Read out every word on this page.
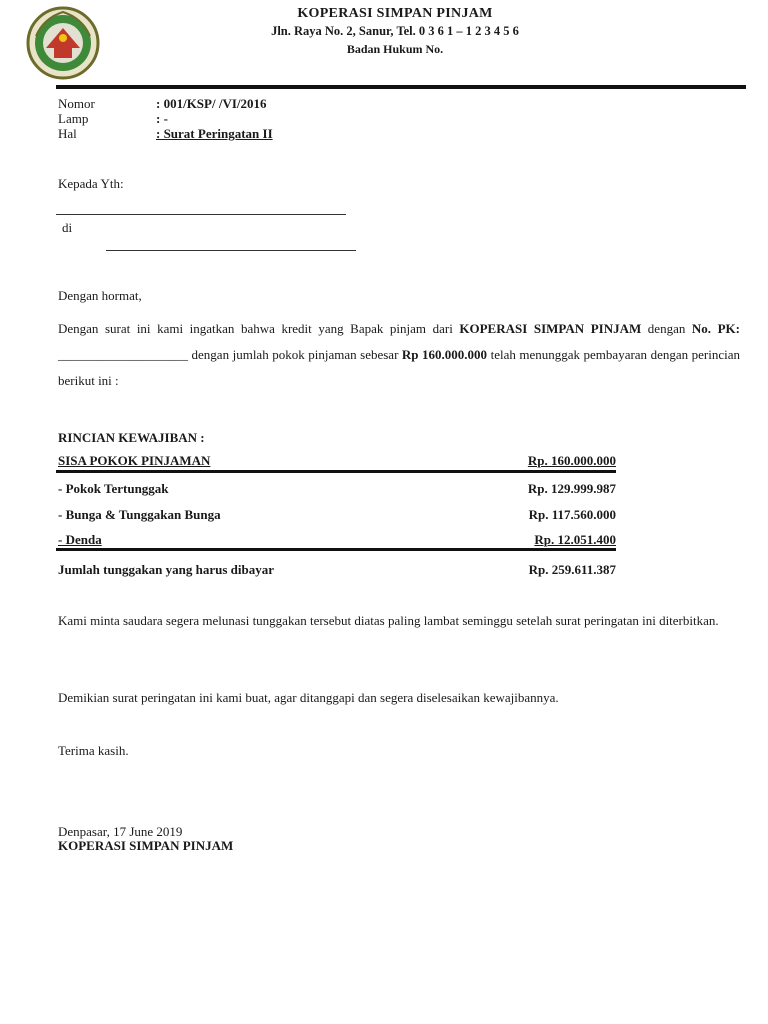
KOPERASI SIMPAN PINJAM
Jln. Raya No. 2, Sanur, Tel. 0 3 6 1 – 1 2 3 4 5 6
Badan Hukum No.
Nomor	: 001/KSP/ /VI/2016
Lamp	: -
Hal	: Surat Peringatan II
Kepada Yth:
di
Dengan hormat,
Dengan surat ini kami ingatkan bahwa kredit yang Bapak pinjam dari KOPERASI SIMPAN PINJAM dengan No. PK: ____________________ dengan jumlah pokok pinjaman sebesar Rp 160.000.000 telah menunggak pembayaran dengan perincian berikut ini :
RINCIAN KEWAJIBAN :
SISA POKOK PINJAMAN	Rp. 160.000.000
- Pokok Tertunggak	Rp. 129.999.987
- Bunga & Tunggakan Bunga	Rp. 117.560.000
- Denda	Rp. 12.051.400
Jumlah tunggakan yang harus dibayar	Rp. 259.611.387
Kami minta saudara segera melunasi tunggakan tersebut diatas paling lambat seminggu setelah surat peringatan ini diterbitkan.
Demikian surat peringatan ini kami buat, agar ditanggapi dan segera diselesaikan kewajibannya.
Terima kasih.
Denpasar, 17 June 2019
KOPERASI SIMPAN PINJAM
